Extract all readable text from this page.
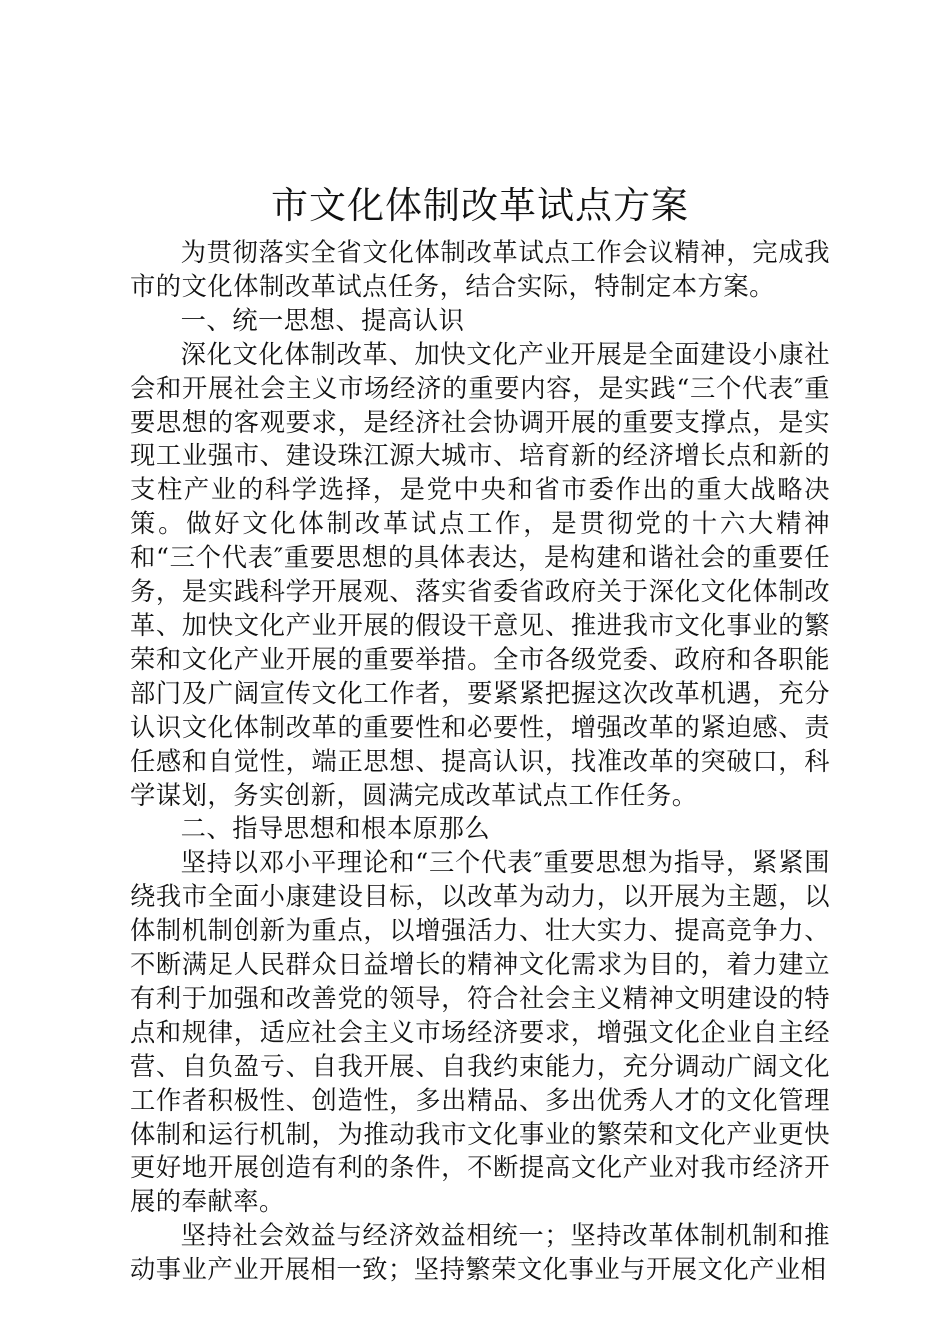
市文化体制改革试点方案

为贯彻落实全省文化体制改革试点工作会议精神，完成我市的文化体制改革试点任务，结合实际，特制定本方案。

一、统一思想、提高认识

深化文化体制改革、加快文化产业开展是全面建设小康社会和开展社会主义市场经济的重要内容，是实践“三个代表″重要思想的客观要求，是经济社会协调开展的重要支撑点，是实现工业强市、建设珠江源大城市、培育新的经济增长点和新的支柱产业的科学选择，是党中央和省市委作出的重大战略决策。做好文化体制改革试点工作，是贯彻党的十六大精神和“三个代表″重要思想的具体表达，是构建和谐社会的重要任务，是实践科学开展观、落实省委省政府关于深化文化体制改革、加快文化产业开展的假设干意见、推进我市文化事业的繁荣和文化产业开展的重要举措。全市各级党委、政府和各职能部门及广阔宣传文化工作者，要紧紧把握这次改革机遇，充分认识文化体制改革的重要性和必要性，增强改革的紧迫感、责任感和自觉性，端正思想、提高认识，找准改革的突破口，科学谋划，务实创新，圆满完成改革试点工作任务。

二、指导思想和根本原那么

坚持以邓小平理论和“三个代表″重要思想为指导，紧紧围绕我市全面小康建设目标，以改革为动力，以开展为主题，以体制机制创新为重点，以增强活力、壮大实力、提高竞争力、不断满足人民群众日益增长的精神文化需求为目的，着力建立有利于加强和改善党的领导，符合社会主义精神文明建设的特点和规律，适应社会主义市场经济要求，增强文化企业自主经营、自负盈亏、自我开展、自我约束能力，充分调动广阔文化工作者积极性、创造性，多出精品、多出优秀人才的文化管理体制和运行机制，为推动我市文化事业的繁荣和文化产业更快更好地开展创造有利的条件，不断提高文化产业对我市经济开展的奉献率。

坚持社会效益与经济效益相统一；坚持改革体制机制和推动事业产业开展相一致；坚持繁荣文化事业与开展文化产业相
